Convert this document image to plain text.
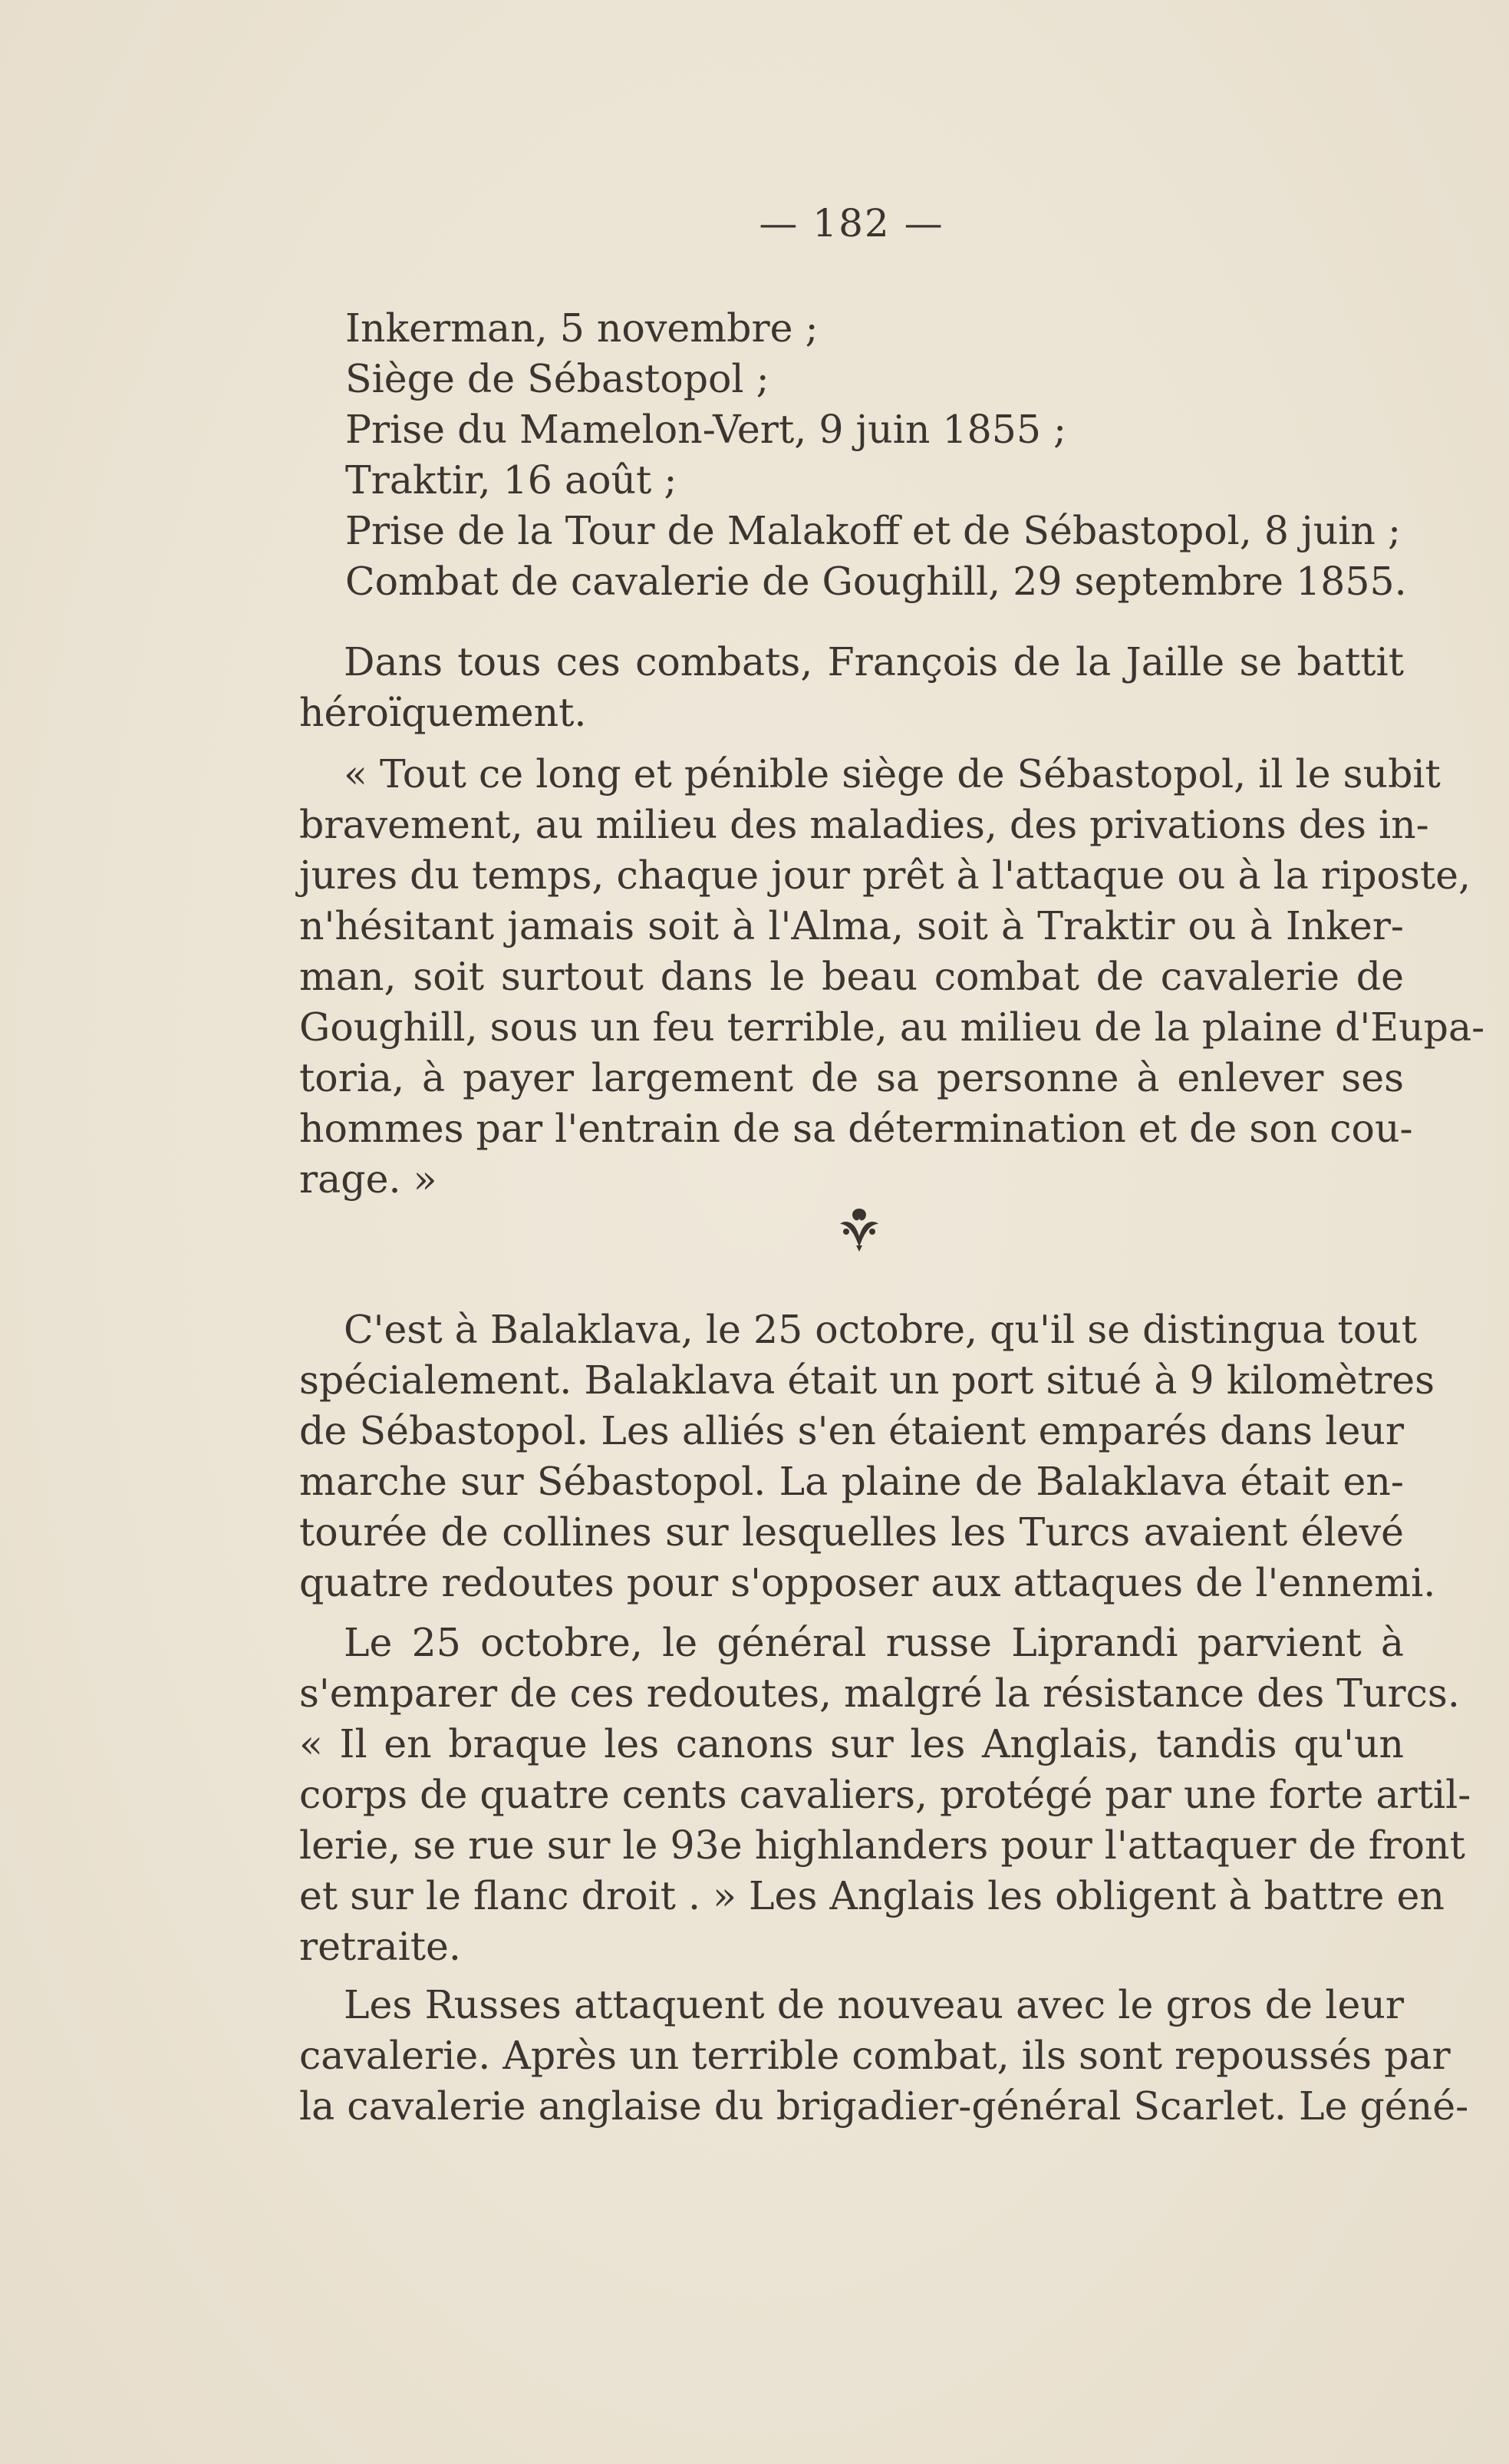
— 182 —
Inkerman, 5 novembre ;
Siège de Sébastopol ;
Prise du Mamelon-Vert, 9 juin 1855 ;
Traktir, 16 août ;
Prise de la Tour de Malakoff et de Sébastopol, 8 juin ;
Combat de cavalerie de Goughill, 29 septembre 1855.
Dans tous ces combats, François de la Jaille se battit
héroïquement.
« Tout ce long et pénible siège de Sébastopol, il le subit
bravement, au milieu des maladies, des privations des in-
jures du temps, chaque jour prêt à l'attaque ou à la riposte,
n'hésitant jamais soit à l'Alma, soit à Traktir ou à Inker-
man, soit surtout dans le beau combat de cavalerie de
Goughill, sous un feu terrible, au milieu de la plaine d'Eupa-
toria, à payer largement de sa personne à enlever ses
hommes par l'entrain de sa détermination et de son cou-
rage. »
C'est à Balaklava, le 25 octobre, qu'il se distingua tout
spécialement. Balaklava était un port situé à 9 kilomètres
de Sébastopol. Les alliés s'en étaient emparés dans leur
marche sur Sébastopol. La plaine de Balaklava était en-
tourée de collines sur lesquelles les Turcs avaient élevé
quatre redoutes pour s'opposer aux attaques de l'ennemi.
Le 25 octobre, le général russe Liprandi parvient à
s'emparer de ces redoutes, malgré la résistance des Turcs.
« Il en braque les canons sur les Anglais, tandis qu'un
corps de quatre cents cavaliers, protégé par une forte artil-
lerie, se rue sur le 93e highlanders pour l'attaquer de front
et sur le flanc droit . » Les Anglais les obligent à battre en
retraite.
Les Russes attaquent de nouveau avec le gros de leur
cavalerie. Après un terrible combat, ils sont repoussés par
la cavalerie anglaise du brigadier-général Scarlet. Le géné-
